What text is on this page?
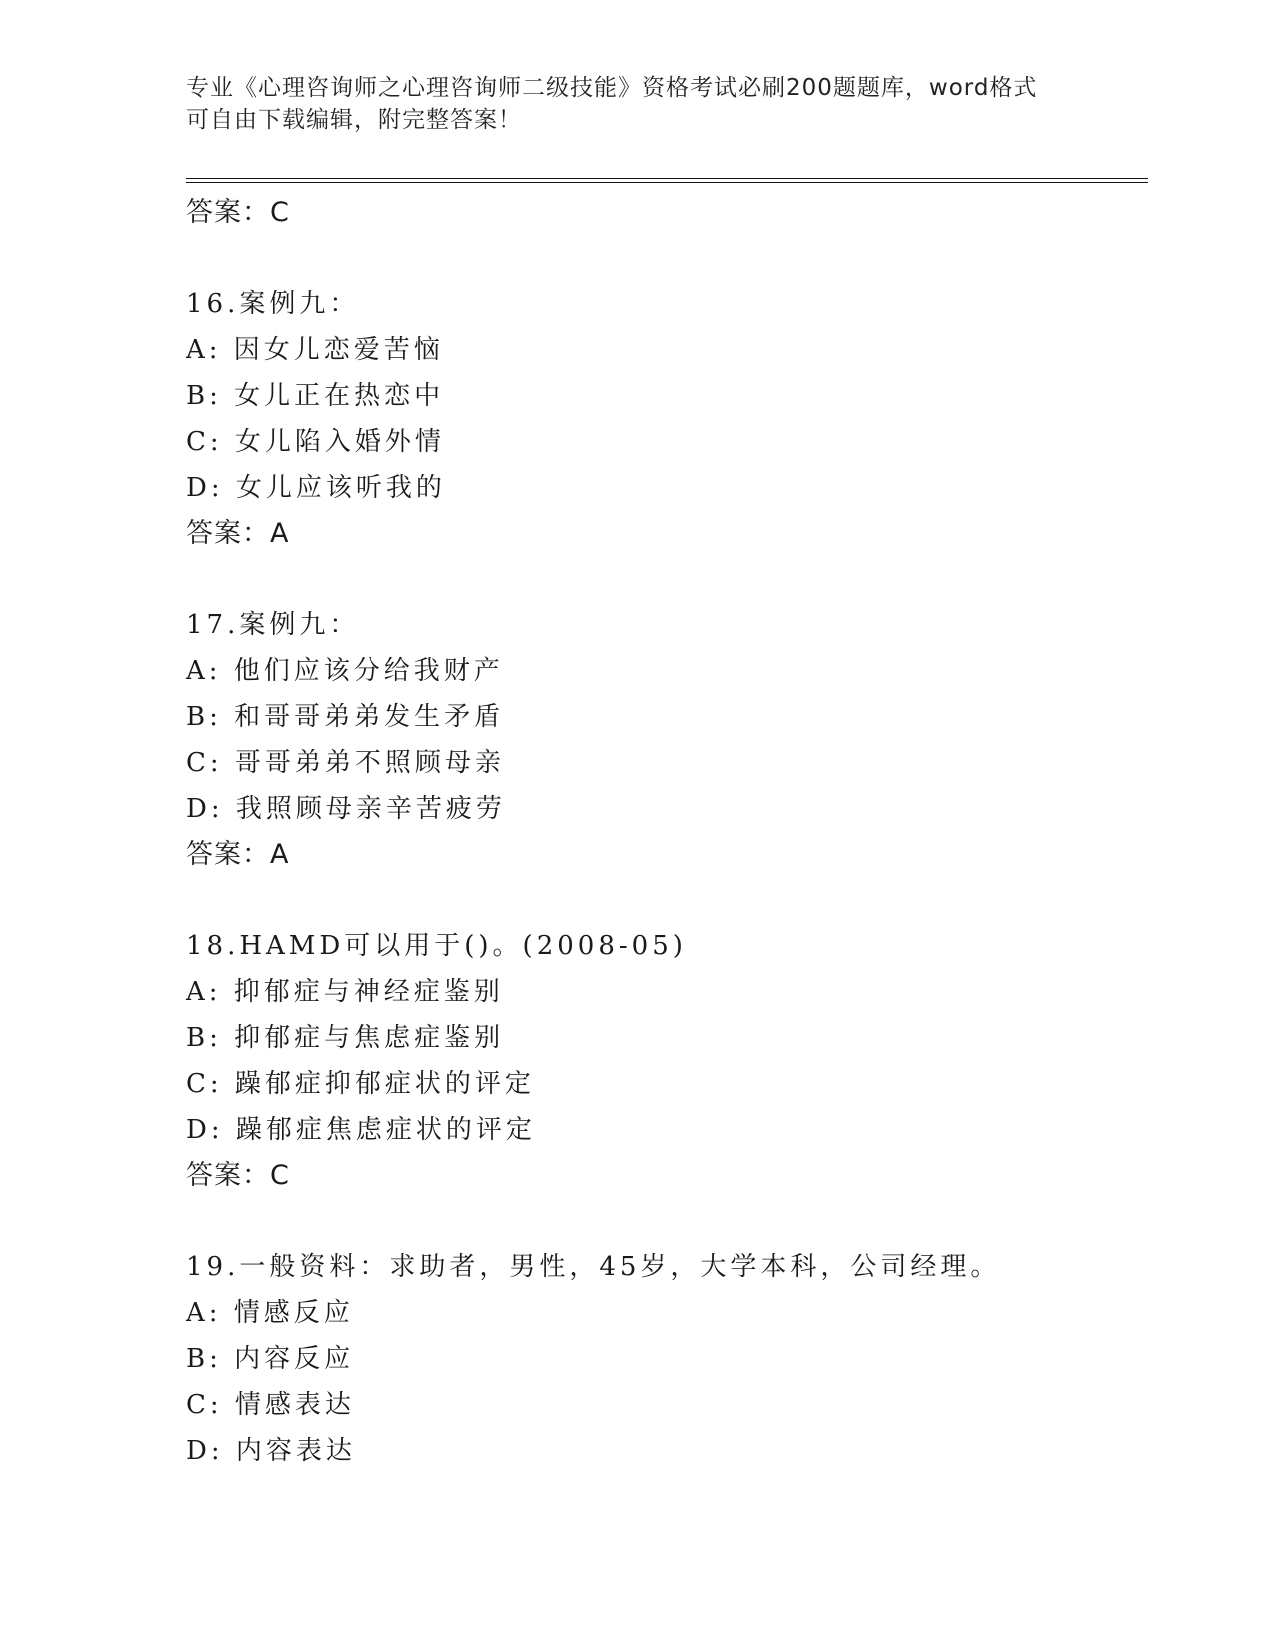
专业《心理咨询师之心理咨询师二级技能》资格考试必刷200题题库，word格式
可自由下载编辑，附完整答案！
答案：C
16.案例九：
A: 因女儿恋爱苦恼
B: 女儿正在热恋中
C: 女儿陷入婚外情
D: 女儿应该听我的
答案：A
17.案例九：
A: 他们应该分给我财产
B: 和哥哥弟弟发生矛盾
C: 哥哥弟弟不照顾母亲
D: 我照顾母亲辛苦疲劳
答案：A
18.HAMD可以用于()。(2008-05)
A: 抑郁症与神经症鉴别
B: 抑郁症与焦虑症鉴别
C: 躁郁症抑郁症状的评定
D: 躁郁症焦虑症状的评定
答案：C
19.一般资料：求助者，男性，45岁，大学本科，公司经理。
A: 情感反应
B: 内容反应
C: 情感表达
D: 内容表达
